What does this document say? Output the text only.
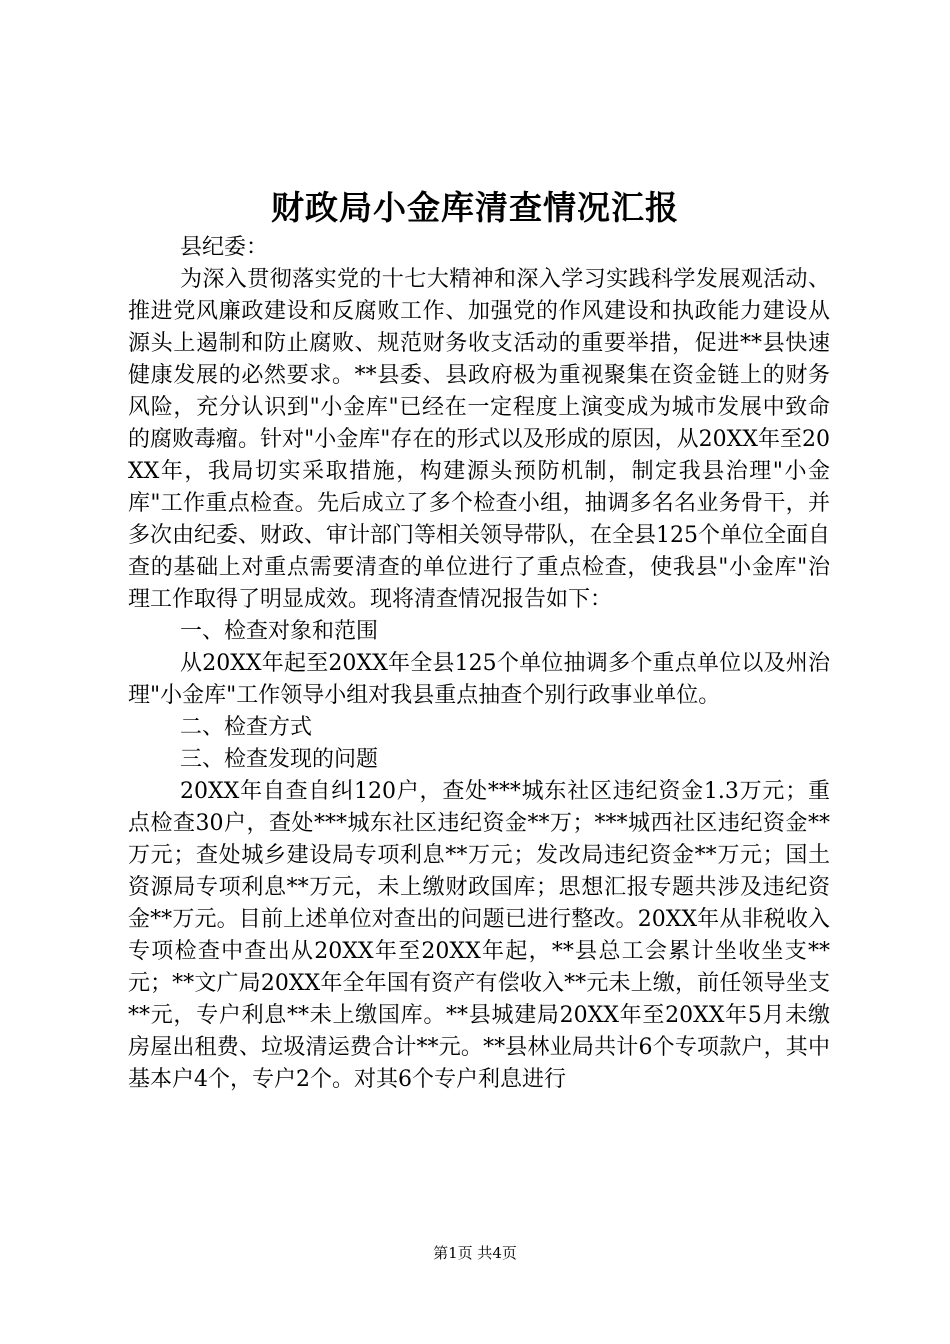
财政局小金库清查情况汇报

县纪委：

为深入贯彻落实党的十七大精神和深入学习实践科学发展观活动、推进党风廉政建设和反腐败工作、加强党的作风建设和执政能力建设从源头上遏制和防止腐败、规范财务收支活动的重要举措，促进**县快速健康发展的必然要求。**县委、县政府极为重视聚集在资金链上的财务风险，充分认识到"小金库"已经在一定程度上演变成为城市发展中致命的腐败毒瘤。针对"小金库"存在的形式以及形成的原因，从20XX年至20XX年，我局切实采取措施，构建源头预防机制，制定我县治理"小金库"工作重点检查。先后成立了多个检查小组，抽调多名名业务骨干，并多次由纪委、财政、审计部门等相关领导带队，在全县125个单位全面自查的基础上对重点需要清查的单位进行了重点检查，使我县"小金库"治理工作取得了明显成效。现将清查情况报告如下：

一、检查对象和范围

从20XX年起至20XX年全县125个单位抽调多个重点单位以及州治理"小金库"工作领导小组对我县重点抽查个别行政事业单位。

二、检查方式

三、检查发现的问题

20XX年自查自纠120户，查处***城东社区违纪资金1.3万元；重点检查30户，查处***城东社区违纪资金**万；***城西社区违纪资金**万元；查处城乡建设局专项利息**万元；发改局违纪资金**万元；国土资源局专项利息**万元，未上缴财政国库；思想汇报专题共涉及违纪资金**万元。目前上述单位对查出的问题已进行整改。20XX年从非税收入专项检查中查出从20XX年至20XX年起，**县总工会累计坐收坐支**元；**文广局20XX年全年国有资产有偿收入**元未上缴，前任领导坐支**元，专户利息**未上缴国库。**县城建局20XX年至20XX年5月未缴房屋出租费、垃圾清运费合计**元。**县林业局共计6个专项款户，其中基本户4个，专户2个。对其6个专户利息进行

第1页 共4页
